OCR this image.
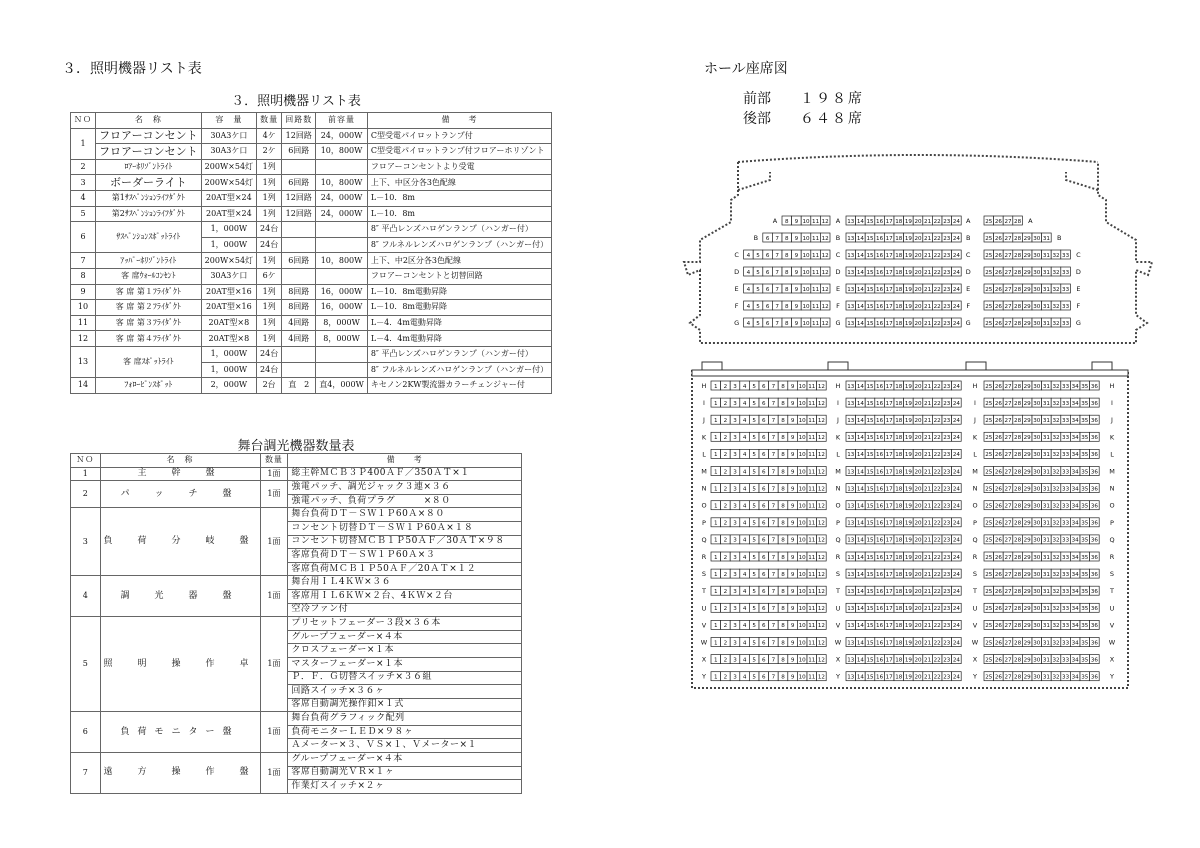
３．照明機器リスト表
３．照明機器リスト表
ＮＯ	名　称	容　量	数量	回路数	前容量	備　　考
1	フロアーコンセント	30A3ケ口	4ケ	12回路	24，000W	C型受電パイロットランプ付
	フロアーコンセント	30A3ケ口	2ケ	6回路	10，800W	C型受電パイロットランプ付フロアーホリゾント
2	ﾛｱｰﾎﾘｿﾞﾝﾄﾗｲﾄ	200W×54灯	1列			フロアーコンセントより受電
3	ボーダーライト	200W×54灯	1列	6回路	10，800W	上下、中区分各3色配線
4	第1ｻｽﾍﾟﾝｼｮﾝﾗｲﾌﾀﾞｸﾄ	20AT型×24	1列	12回路	24，000W	L－10．8m
5	第2ｻｽﾍﾟﾝｼｮﾝﾗｲﾌﾀﾞｸﾄ	20AT型×24	1列	12回路	24，000W	L－10．8m
6	ｻｽﾍﾟﾝｼｮﾝｽﾎﾟｯﾄﾗｲﾄ	1，000W	24台			8″ 平凸レンズハロゲンランプ（ハンガー付）
		1，000W	24台			8″ フルネルレンズハロゲンランプ（ハンガー付）
7	ｱｯﾊﾟｰﾎﾘｿﾞﾝﾄﾗｲﾄ	200W×54灯	1列	6回路	10，800W	上下、中2区分各3色配線
8	客 席ｳｫｰﾙｺﾝｾﾝﾄ	30A3ケ口	6ケ			フロアーコンセントと切替回路
9	客 席 第１ﾌﾗｲﾀﾞｸﾄ	20AT型×16	1列	8回路	16，000W	L－10．8m電動昇降
10	客 席 第２ﾌﾗｲﾀﾞｸﾄ	20AT型×16	1列	8回路	16，000W	L－10．8m電動昇降
11	客 席 第３ﾌﾗｲﾀﾞｸﾄ	20AT型×8	1列	4回路	8，000W	L－4．4m電動昇降
12	客 席 第４ﾌﾗｲﾀﾞｸﾄ	20AT型×8	1列	4回路	8，000W	L－4．4m電動昇降
13	客 席ｽﾎﾟｯﾄﾗｲﾄ	1，000W	24台			8″ 平凸レンズハロゲンランプ（ハンガー付）
		1，000W	24台			8″ フルネルレンズハロゲンランプ（ハンガー付）
14	ﾌｫﾛｰﾋﾟﾝｽﾎﾟｯﾄ	2，000W	2台	直　2	直4，000W	キセノン2KW製流器カラーチェンジャー付
舞台調光機器数量表
ＮＯ	名　称	数量	備　　考
1	主　幹　盤	1面	総主幹ＭＣＢ３Ｐ400ＡＦ／350ＡＴ×１
2	パ　ッ　チ　盤	1面	強電パッチ、調光ジャック３連×３６
			強電パッチ、負荷プラグ　　　×８０
3	負　荷　分　岐　盤	1面	舞台負荷ＤＴ－ＳＷ１Ｐ60Ａ×８０
			コンセント切替ＤＴ－ＳＷ１Ｐ60Ａ×１８
			コンセント切替ＭＣＢ１Ｐ50ＡＦ／30ＡＴ×９８
			客席負荷ＤＴ－ＳＷ１Ｐ60Ａ×３
			客席負荷ＭＣＢ１Ｐ50ＡＦ／20ＡＴ×１２
4	調　光　器　盤	1面	舞台用ＩＬ4ＫＷ×３６
			客席用ＩＬ6ＫＷ×２台、4ＫＷ×２台
			空冷ファン付
5	照　明　操　作　卓	1面	プリセットフェーダー３段×３６本
			グループフェーダー×４本
			クロスフェーダー×１本
			マスターフェーダー×１本
			Ｐ．Ｆ．Ｇ切替スイッチ×３６組
			回路スイッチ×３６ヶ
			客席自動調光操作釦×１式
6	負荷モニター盤	1面	舞台負荷グラフィック配列
			負荷モニターＬＥＤ×９８ヶ
			Ａメーター×３、ＶＳ×１、Ｖメーター×１
7	遠　方　操　作　盤	1面	グループフェーダー×４本
			客席自動調光ＶＲ×１ヶ
			作業灯スイッチ×２ヶ
ホール座席図
前部 １９８席
後部 ６４８席
8 9 10 11 12
A	A 13 14 15 16 17 18 19 20 21 22 23 24 A	25 26 27 28 A
6 7 8 9 10 11 12
B	B 13 14 15 16 17 18 19 20 21 22 23 24 B	25 26 27 28 29 30 31 B
4 5 6 7 8 9 10 11 12
C	C 13 14 15 16 17 18 19 20 21 22 23 24 C	25 26 27 28 29 30 31 32 33 C
4 5 6 7 8 9 10 11 12
D	D 13 14 15 16 17 18 19 20 21 22 23 24 D	25 26 27 28 29 30 31 32 33 D
4 5 6 7 8 9 10 11 12
E	E 13 14 15 16 17 18 19 20 21 22 23 24 E	25 26 27 28 29 30 31 32 33 E
4 5 6 7 8 9 10 11 12
F	F 13 14 15 16 17 18 19 20 21 22 23 24 F	25 26 27 28 29 30 31 32 33 F
4 5 6 7 8 9 10 11 12
G	G 13 14 15 16 17 18 19 20 21 22 23 24 G	25 26 27 28 29 30 31 32 33 G
H 1 2 3 4 5 6 7 8 9 10 11 12 H 13 14 15 16 17 18 19 20 21 22 23 24 H 25 26 27 28 29 30 31 32 33 34 35 36 H
I 1 2 3 4 5 6 7 8 9 10 11 12 I 13 14 15 16 17 18 19 20 21 22 23 24 I 25 26 27 28 29 30 31 32 33 34 35 36 I
J 1 2 3 4 5 6 7 8 9 10 11 12 J 13 14 15 16 17 18 19 20 21 22 23 24 J 25 26 27 28 29 30 31 32 33 34 35 36 J
K 1 2 3 4 5 6 7 8 9 10 11 12 K 13 14 15 16 17 18 19 20 21 22 23 24 K 25 26 27 28 29 30 31 32 33 34 35 36 K
L 1 2 3 4 5 6 7 8 9 10 11 12 L 13 14 15 16 17 18 19 20 21 22 23 24 L 25 26 27 28 29 30 31 32 33 34 35 36 L
M 1 2 3 4 5 6 7 8 9 10 11 12 M 13 14 15 16 17 18 19 20 21 22 23 24 M 25 26 27 28 29 30 31 32 33 34 35 36 M
N 1 2 3 4 5 6 7 8 9 10 11 12 N 13 14 15 16 17 18 19 20 21 22 23 24 N 25 26 27 28 29 30 31 32 33 34 35 36 N
O 1 2 3 4 5 6 7 8 9 10 11 12 O 13 14 15 16 17 18 19 20 21 22 23 24 O 25 26 27 28 29 30 31 32 33 34 35 36 O
P 1 2 3 4 5 6 7 8 9 10 11 12 P 13 14 15 16 17 18 19 20 21 22 23 24 P 25 26 27 28 29 30 31 32 33 34 35 36 P
Q 1 2 3 4 5 6 7 8 9 10 11 12 Q 13 14 15 16 17 18 19 20 21 22 23 24 Q 25 26 27 28 29 30 31 32 33 34 35 36 Q
R 1 2 3 4 5 6 7 8 9 10 11 12 R 13 14 15 16 17 18 19 20 21 22 23 24 R 25 26 27 28 29 30 31 32 33 34 35 36 R
S 1 2 3 4 5 6 7 8 9 10 11 12 S 13 14 15 16 17 18 19 20 21 22 23 24 S 25 26 27 28 29 30 31 32 33 34 35 36 S
T 1 2 3 4 5 6 7 8 9 10 11 12 T 13 14 15 16 17 18 19 20 21 22 23 24 T 25 26 27 28 29 30 31 32 33 34 35 36 T
U 1 2 3 4 5 6 7 8 9 10 11 12 U 13 14 15 16 17 18 19 20 21 22 23 24 U 25 26 27 28 29 30 31 32 33 34 35 36 U
V 1 2 3 4 5 6 7 8 9 10 11 12 V 13 14 15 16 17 18 19 20 21 22 23 24 V 25 26 27 28 29 30 31 32 33 34 35 36 V
W 1 2 3 4 5 6 7 8 9 10 11 12 W 13 14 15 16 17 18 19 20 21 22 23 24 W 25 26 27 28 29 30 31 32 33 34 35 36 W
X 1 2 3 4 5 6 7 8 9 10 11 12 X 13 14 15 16 17 18 19 20 21 22 23 24 X 25 26 27 28 29 30 31 32 33 34 35 36 X
Y 1 2 3 4 5 6 7 8 9 10 11 12 Y 13 14 15 16 17 18 19 20 21 22 23 24 Y 25 26 27 28 29 30 31 32 33 34 35 36 Y
